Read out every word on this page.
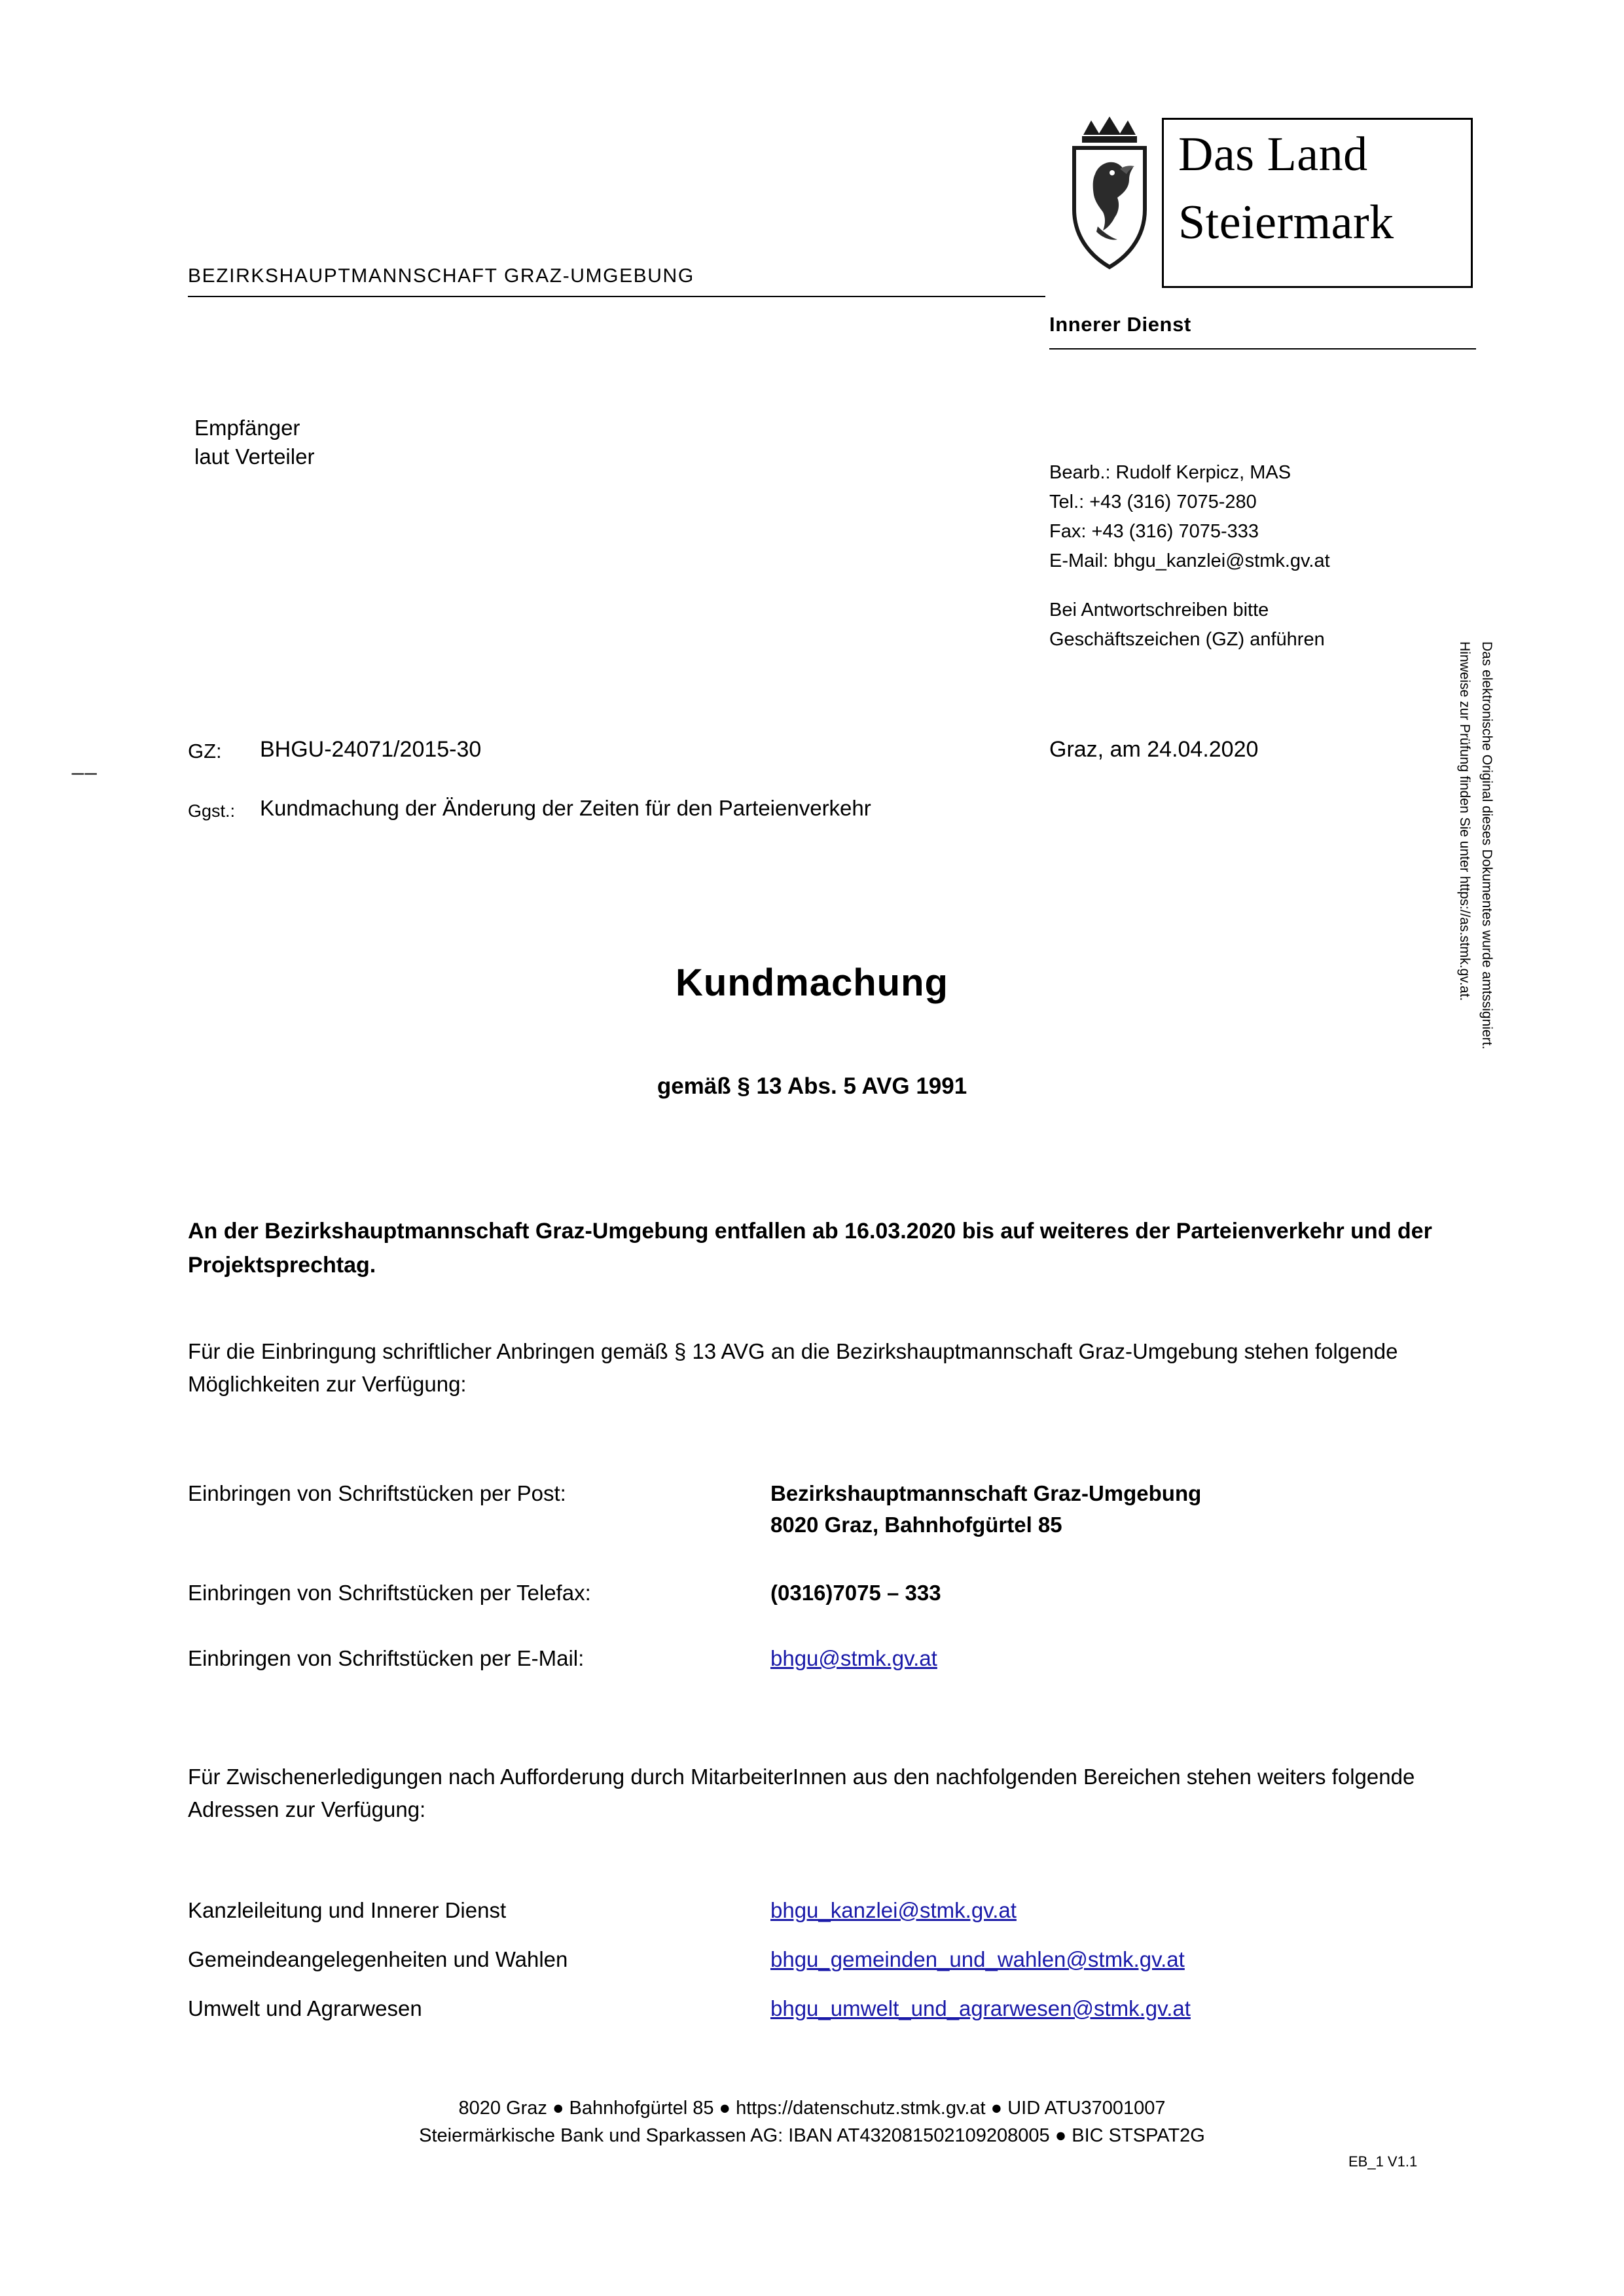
BEZIRKSHAUPTMANNSCHAFT GRAZ-UMGEBUNG
Das Land
Steiermark
Innerer Dienst
Empfänger
laut Verteiler
Bearb.: Rudolf Kerpicz, MAS
Tel.: +43 (316) 7075-280
Fax: +43 (316) 7075-333
E-Mail: bhgu_kanzlei@stmk.gv.at
Bei Antwortschreiben bitte
Geschäftszeichen (GZ) anführen
__
GZ: BHGU-24071/2015-30	Graz, am 24.04.2020
Ggst.: Kundmachung der Änderung der Zeiten für den Parteienverkehr	Das elektronische Original dieses Dokumentes wurde amtssigniert.
Hinweise zur Prüfung finden Sie unter https://as.stmk.gv.at.
Kundmachung
gemäß § 13 Abs. 5 AVG 1991
An der Bezirkshauptmannschaft Graz-Umgebung entfallen ab 16.03.2020 bis auf weiteres der Parteienverkehr und der Projektsprechtag.
Für die Einbringung schriftlicher Anbringen gemäß § 13 AVG an die Bezirkshauptmannschaft Graz-Umgebung stehen folgende Möglichkeiten zur Verfügung:
Einbringen von Schriftstücken per Post:	Bezirkshauptmannschaft Graz-Umgebung
8020 Graz, Bahnhofgürtel 85
Einbringen von Schriftstücken per Telefax:	(0316)7075 – 333
Einbringen von Schriftstücken per E-Mail:	bhgu@stmk.gv.at
Für Zwischenerledigungen nach Aufforderung durch MitarbeiterInnen aus den nachfolgenden Bereichen stehen weiters folgende Adressen zur Verfügung:
Kanzleileitung und Innerer Dienst	bhgu_kanzlei@stmk.gv.at
Gemeindeangelegenheiten und Wahlen	bhgu_gemeinden_und_wahlen@stmk.gv.at
Umwelt und Agrarwesen	bhgu_umwelt_und_agrarwesen@stmk.gv.at
8020 Graz ● Bahnhofgürtel 85 ● https://datenschutz.stmk.gv.at ● UID ATU37001007
Steiermärkische Bank und Sparkassen AG: IBAN AT432081502109208005 ● BIC STSPAT2G
EB_1 V1.1
